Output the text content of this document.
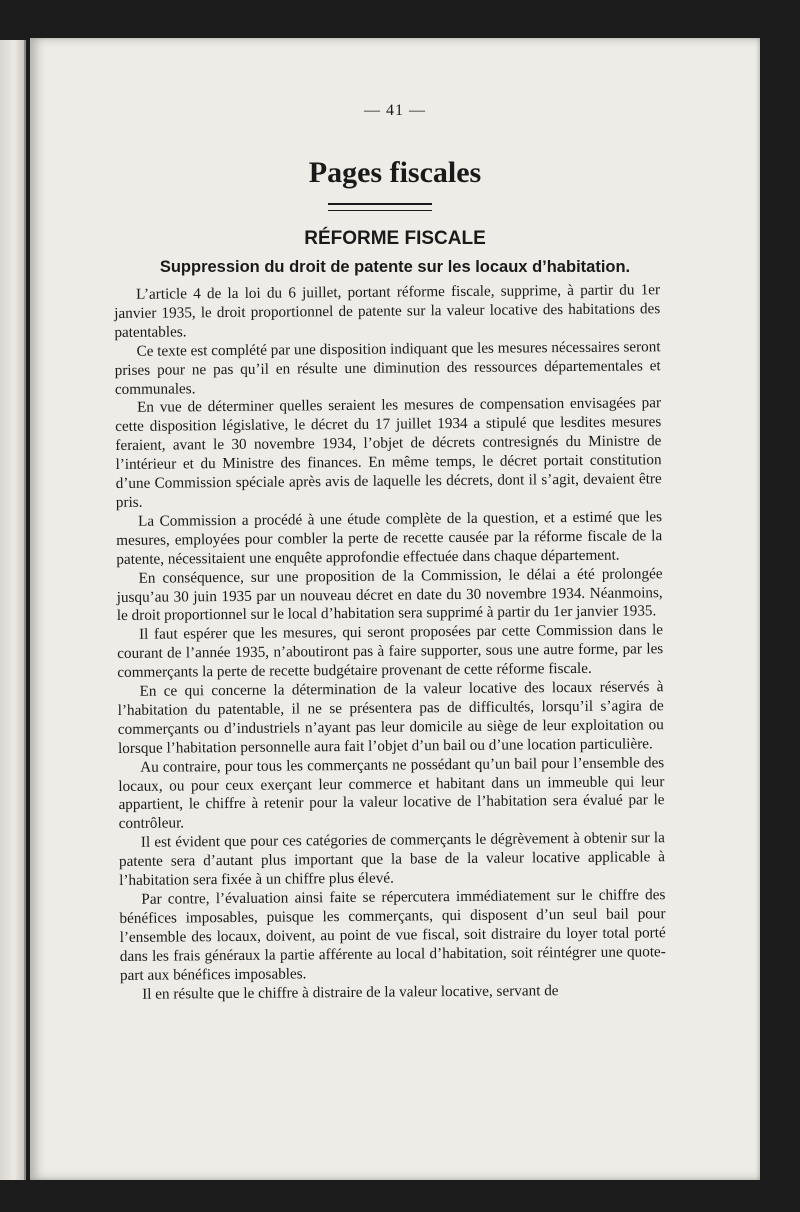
— 41 —
Pages fiscales
RÉFORME FISCALE
Suppression du droit de patente sur les locaux d’habitation.

L’article 4 de la loi du 6 juillet, portant réforme fiscale, supprime, à partir du 1er janvier 1935, le droit proportionnel de patente sur la valeur locative des habitations des patentables.

Ce texte est complété par une disposition indiquant que les mesures nécessaires seront prises pour ne pas qu’il en résulte une diminution des ressources départementales et communales.

En vue de déterminer quelles seraient les mesures de compensation envisagées par cette disposition législative, le décret du 17 juillet 1934 a stipulé que lesdites mesures feraient, avant le 30 novembre 1934, l’objet de décrets contresignés du Ministre de l’intérieur et du Ministre des finances. En même temps, le décret portait constitution d’une Commission spéciale après avis de laquelle les décrets, dont il s’agit, devaient être pris.

La Commission a procédé à une étude complète de la question, et a estimé que les mesures, employées pour combler la perte de recette causée par la réforme fiscale de la patente, nécessitaient une enquête approfondie effectuée dans chaque département.

En conséquence, sur une proposition de la Commission, le délai a été prolongée jusqu’au 30 juin 1935 par un nouveau décret en date du 30 novembre 1934. Néanmoins, le droit proportionnel sur le local d’habitation sera supprimé à partir du 1er janvier 1935.

Il faut espérer que les mesures, qui seront proposées par cette Commission dans le courant de l’année 1935, n’aboutiront pas à faire supporter, sous une autre forme, par les commerçants la perte de recette budgétaire provenant de cette réforme fiscale.

En ce qui concerne la détermination de la valeur locative des locaux réservés à l’habitation du patentable, il ne se présentera pas de difficultés, lorsqu’il s’agira de commerçants ou d’industriels n’ayant pas leur domicile au siège de leur exploitation ou lorsque l’habitation personnelle aura fait l’objet d’un bail ou d’une location particulière.

Au contraire, pour tous les commerçants ne possédant qu’un bail pour l’ensemble des locaux, ou pour ceux exerçant leur commerce et habitant dans un immeuble qui leur appartient, le chiffre à retenir pour la valeur locative de l’habitation sera évalué par le contrôleur.

Il est évident que pour ces catégories de commerçants le dégrèvement à obtenir sur la patente sera d’autant plus important que la base de la valeur locative applicable à l’habitation sera fixée à un chiffre plus élevé.

Par contre, l’évaluation ainsi faite se répercutera immédiatement sur le chiffre des bénéfices imposables, puisque les commerçants, qui disposent d’un seul bail pour l’ensemble des locaux, doivent, au point de vue fiscal, soit distraire du loyer total porté dans les frais généraux la partie afférente au local d’habitation, soit réintégrer une quote-part aux bénéfices imposables.

Il en résulte que le chiffre à distraire de la valeur locative, servant de
